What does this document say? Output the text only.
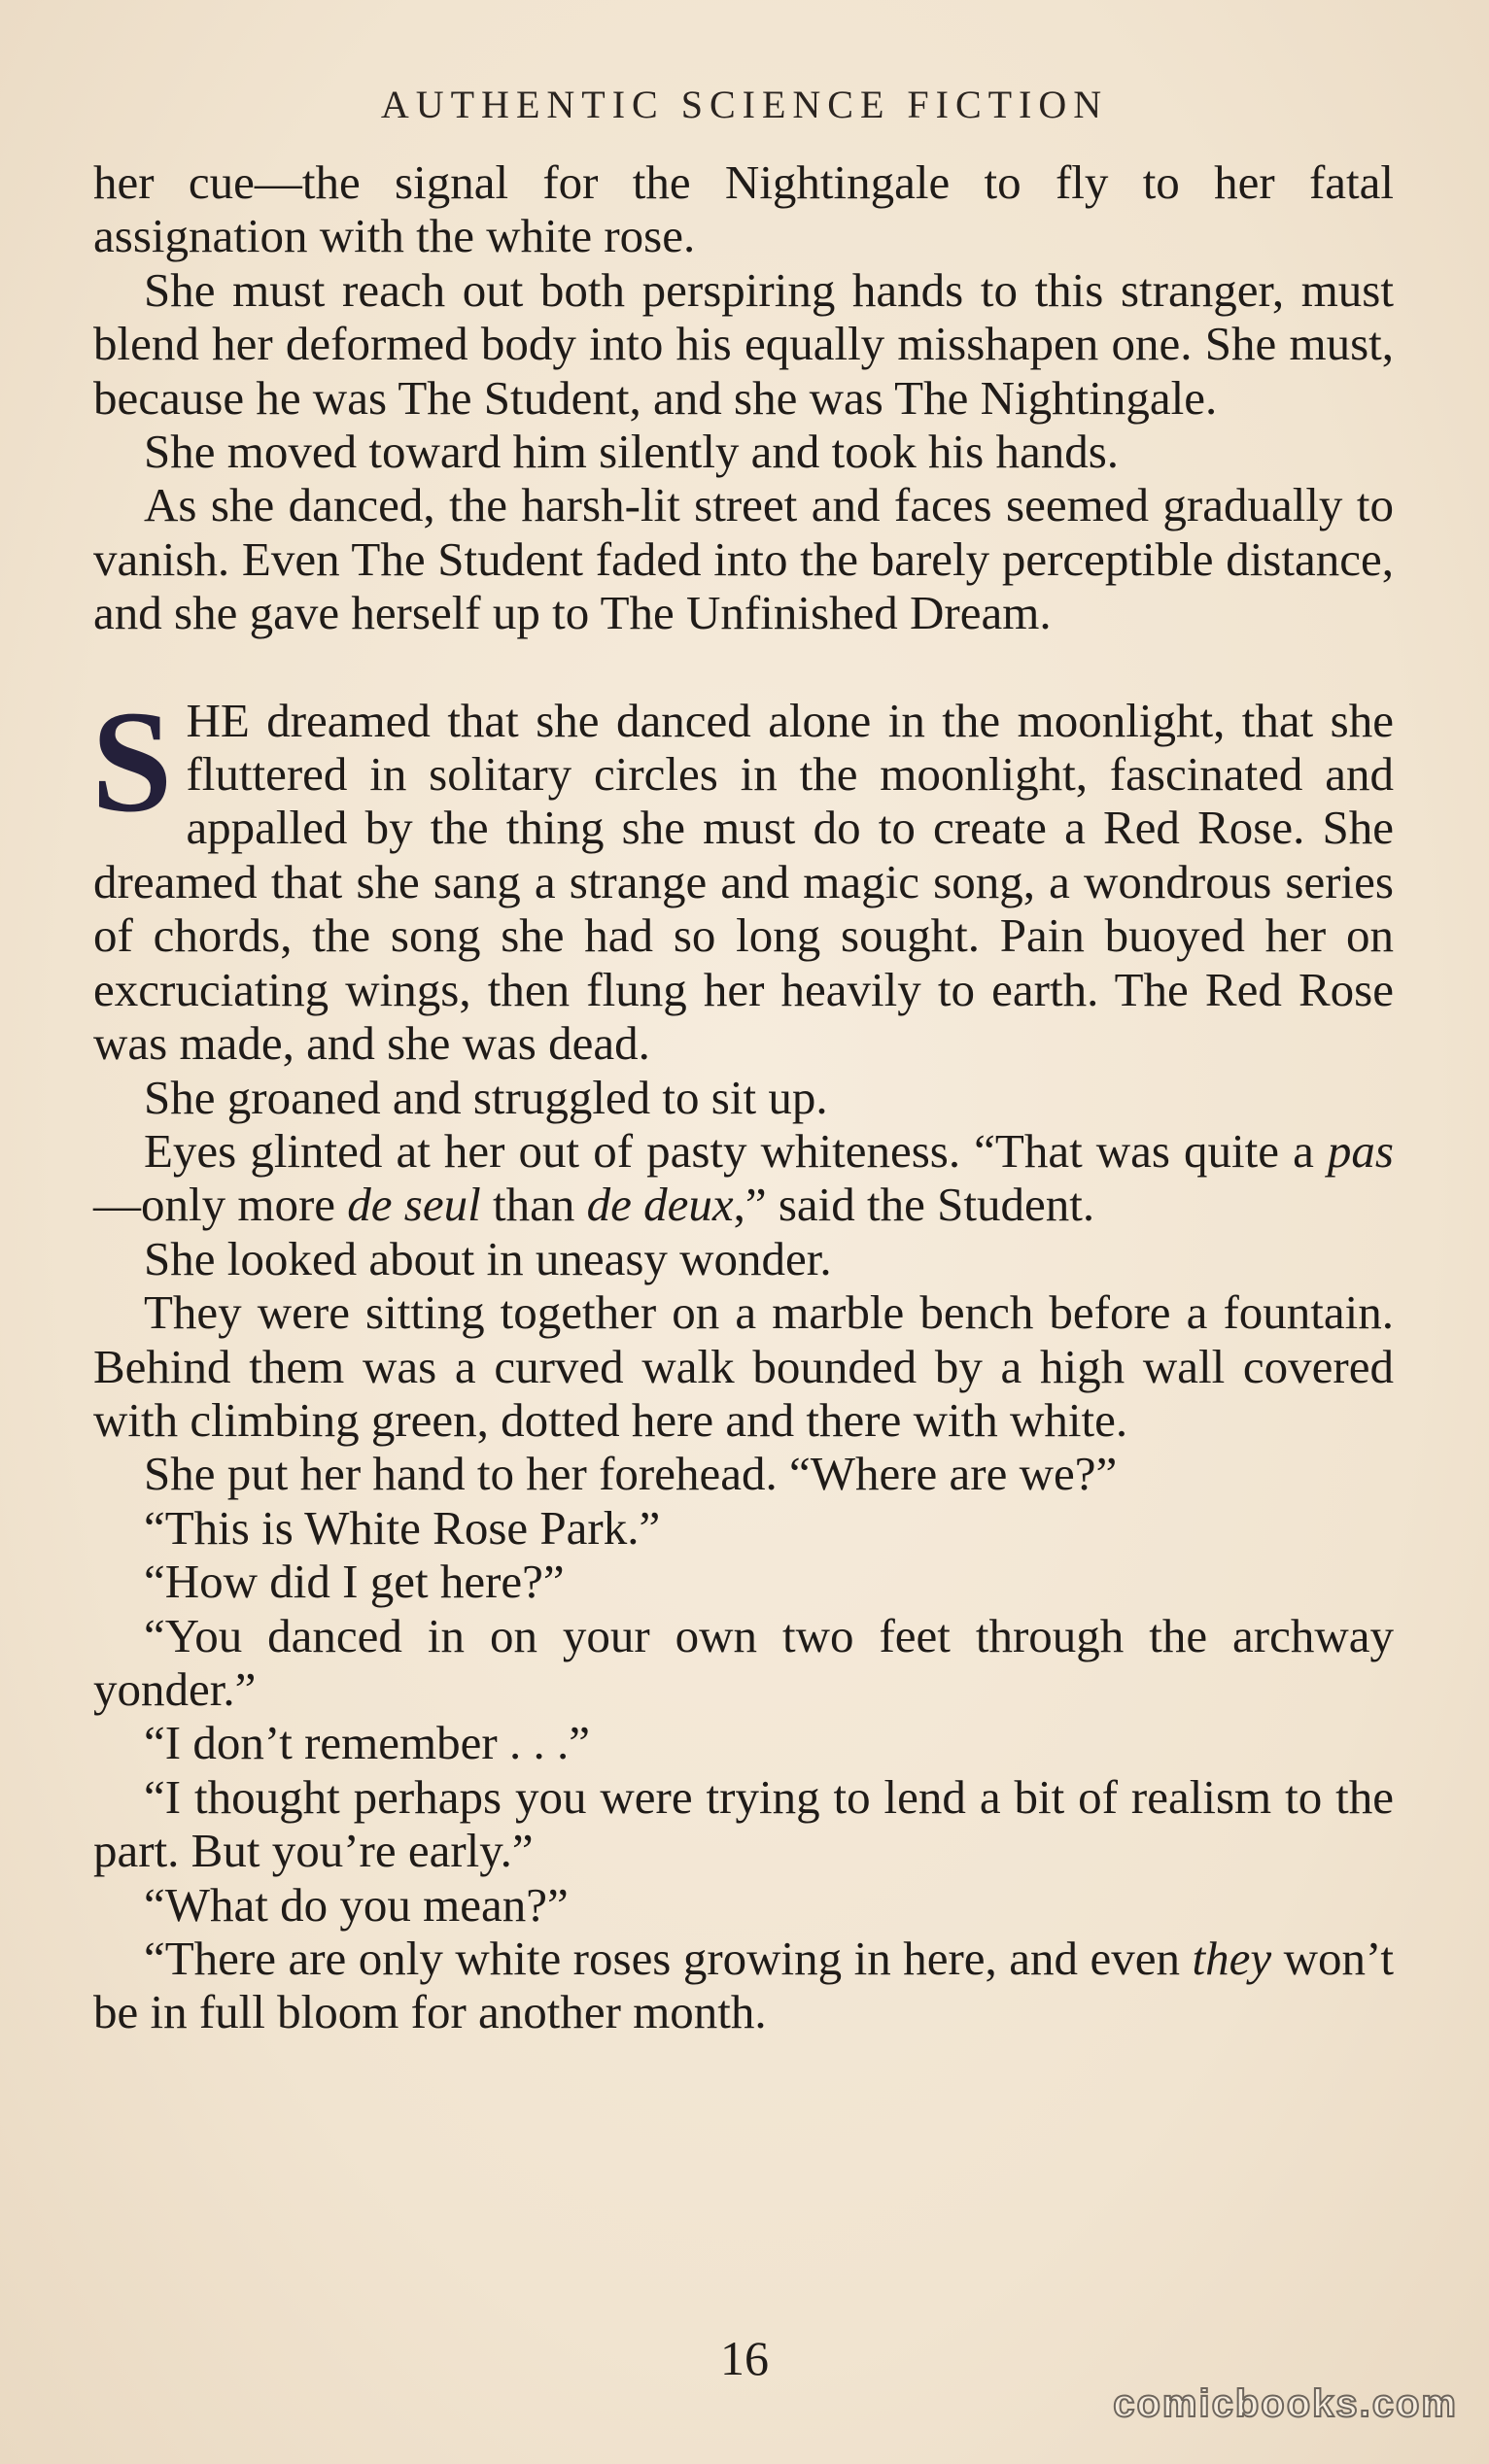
AUTHENTIC SCIENCE FICTION

her cue—the signal for the Nightingale to fly to her fatal assignation with the white rose.

She must reach out both perspiring hands to this stranger, must blend her deformed body into his equally misshapen one. She must, because he was The Student, and she was The Nightingale.

She moved toward him silently and took his hands.

As she danced, the harsh-lit street and faces seemed gradually to vanish. Even The Student faded into the barely perceptible distance, and she gave herself up to The Unfinished Dream.

SHE dreamed that she danced alone in the moonlight, that she fluttered in solitary circles in the moonlight, fascinated and appalled by the thing she must do to create a Red Rose. She dreamed that she sang a strange and magic song, a wondrous series of chords, the song she had so long sought. Pain buoyed her on excruciating wings, then flung her heavily to earth. The Red Rose was made, and she was dead.

She groaned and struggled to sit up.

Eyes glinted at her out of pasty whiteness. “That was quite a pas—only more de seul than de deux,” said the Student.

She looked about in uneasy wonder.

They were sitting together on a marble bench before a fountain. Behind them was a curved walk bounded by a high wall covered with climbing green, dotted here and there with white.

She put her hand to her forehead. “Where are we?”

“This is White Rose Park.”

“How did I get here?”

“You danced in on your own two feet through the archway yonder.”

“I don’t remember . . .”

“I thought perhaps you were trying to lend a bit of realism to the part. But you’re early.”

“What do you mean?”

“There are only white roses growing in here, and even they won’t be in full bloom for another month.

16
comicbooks.com
